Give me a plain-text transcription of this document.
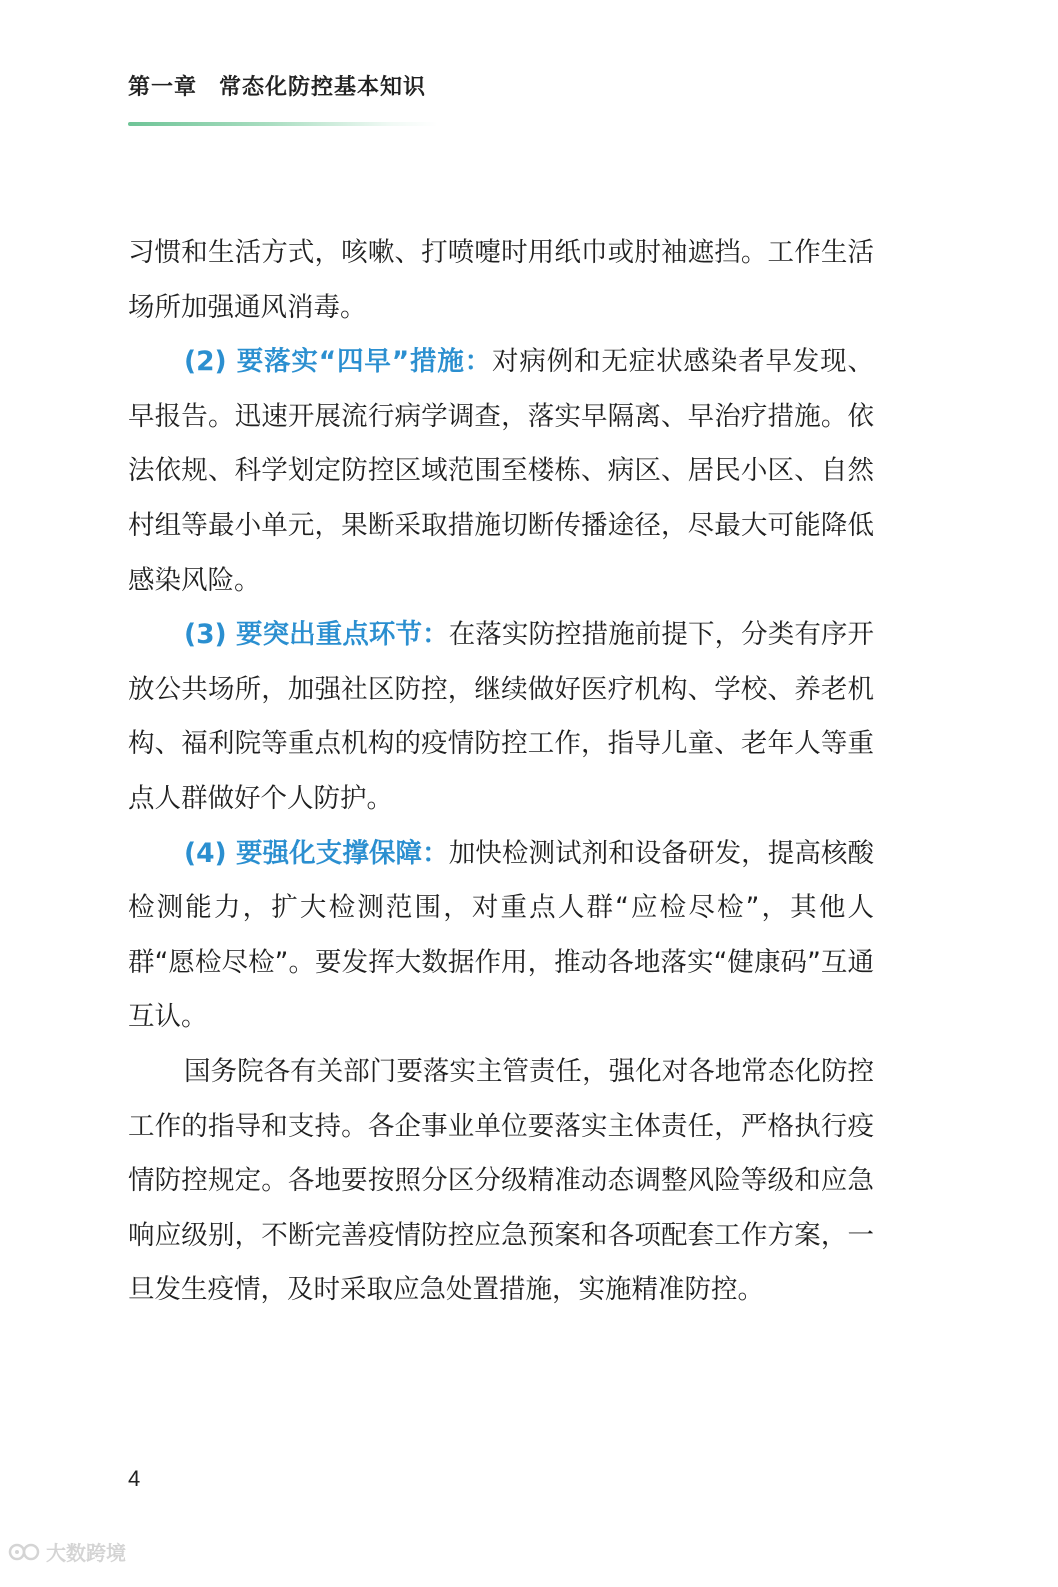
第一章 常态化防控基本知识

习惯和生活方式，咳嗽、打喷嚏时用纸巾或肘袖遮挡。工作生活场所加强通风消毒。

(2) 要落实“四早”措施：对病例和无症状感染者早发现、早报告。迅速开展流行病学调查，落实早隔离、早治疗措施。依法依规、科学划定防控区域范围至楼栋、病区、居民小区、自然村组等最小单元，果断采取措施切断传播途径，尽最大可能降低感染风险。

(3) 要突出重点环节：在落实防控措施前提下，分类有序开放公共场所，加强社区防控，继续做好医疗机构、学校、养老机构、福利院等重点机构的疫情防控工作，指导儿童、老年人等重点人群做好个人防护。

(4) 要强化支撑保障：加快检测试剂和设备研发，提高核酸检测能力，扩大检测范围，对重点人群“应检尽检”，其他人群“愿检尽检”。要发挥大数据作用，推动各地落实“健康码”互通互认。

国务院各有关部门要落实主管责任，强化对各地常态化防控工作的指导和支持。各企事业单位要落实主体责任，严格执行疫情防控规定。各地要按照分区分级精准动态调整风险等级和应急响应级别，不断完善疫情防控应急预案和各项配套工作方案，一旦发生疫情，及时采取应急处置措施，实施精准防控。

4
大数跨境
